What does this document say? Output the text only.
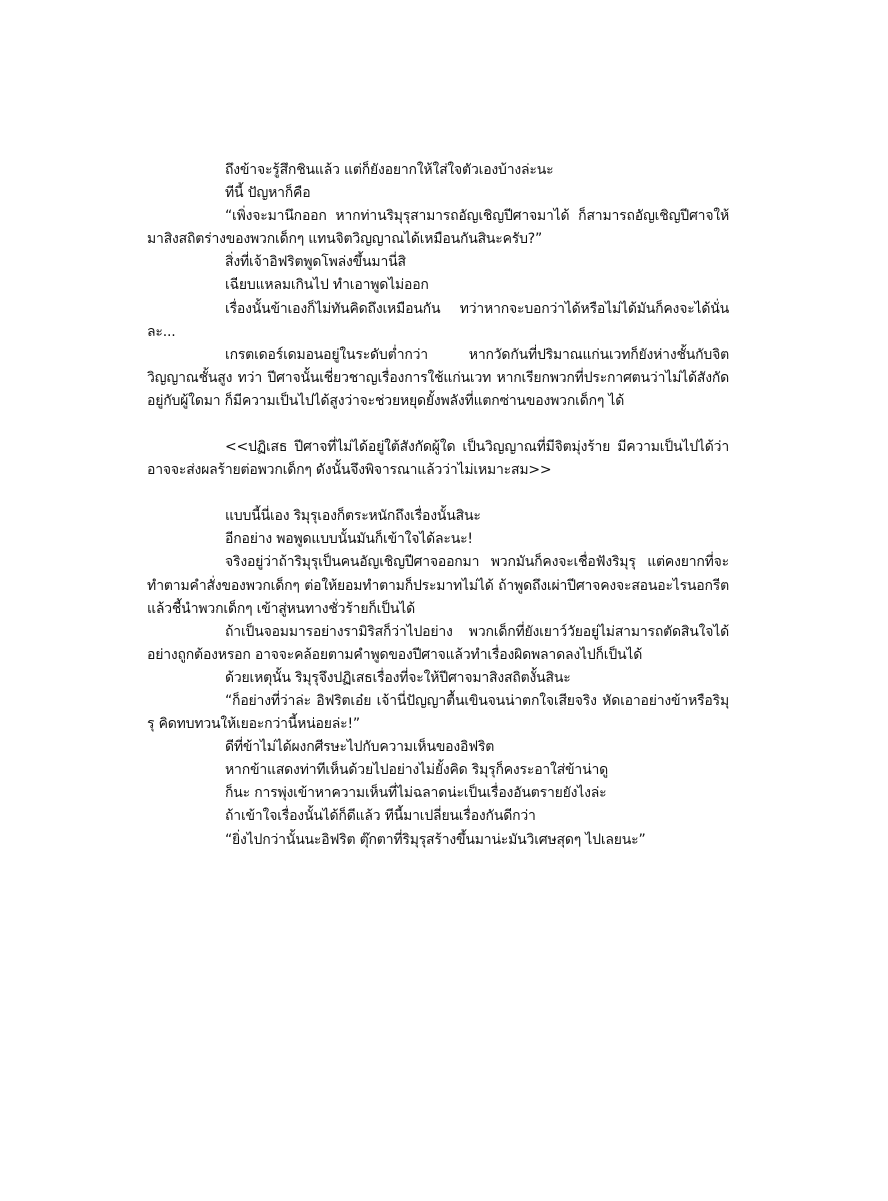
ถึงข้าจะรู้สึกชินแล้ว แต่ก็ยังอยากให้ใส่ใจตัวเองบ้างล่ะนะ

ทีนี้ ปัญหาก็คือ

“เพิ่งจะมานึกออก หากท่านริมุรุสามารถอัญเชิญปีศาจมาได้ ก็สามารถอัญเชิญปีศาจให้มาสิงสถิตร่างของพวกเด็กๆ แทนจิตวิญญาณได้เหมือนกันสินะครับ?”

สิ่งที่เจ้าอิฟริตพูดโพล่งขึ้นมานี่สิ

เฉียบแหลมเกินไป ทำเอาพูดไม่ออก

เรื่องนั้นข้าเองก็ไม่ทันคิดถึงเหมือนกัน ทว่าหากจะบอกว่าได้หรือไม่ได้มันก็คงจะได้นั่นละ...

เกรตเดอร์เดมอนอยู่ในระดับต่ำกว่า หากวัดกันที่ปริมาณแก่นเวทก็ยังห่างชั้นกับจิตวิญญาณชั้นสูง ทว่า ปีศาจนั้นเชี่ยวชาญเรื่องการใช้แก่นเวท หากเรียกพวกที่ประกาศตนว่าไม่ได้สังกัดอยู่กับผู้ใดมา ก็มีความเป็นไปได้สูงว่าจะช่วยหยุดยั้งพลังที่แตกซ่านของพวกเด็กๆ ได้

<<ปฏิเสธ ปีศาจที่ไม่ได้อยู่ใต้สังกัดผู้ใด เป็นวิญญาณที่มีจิตมุ่งร้าย มีความเป็นไปได้ว่าอาจจะส่งผลร้ายต่อพวกเด็กๆ ดังนั้นจึงพิจารณาแล้วว่าไม่เหมาะสม>>

แบบนี้นี่เอง ริมุรุเองก็ตระหนักถึงเรื่องนั้นสินะ

อีกอย่าง พอพูดแบบนั้นมันก็เข้าใจได้ละนะ!

จริงอยู่ว่าถ้าริมุรุเป็นคนอัญเชิญปีศาจออกมา พวกมันก็คงจะเชื่อฟังริมุรุ แต่คงยากที่จะทำตามคำสั่งของพวกเด็กๆ ต่อให้ยอมทำตามก็ประมาทไม่ได้ ถ้าพูดถึงเผ่าปีศาจคงจะสอนอะไรนอกรีตแล้วชี้นำพวกเด็กๆ เข้าสู่หนทางชั่วร้ายก็เป็นได้

ถ้าเป็นจอมมารอย่างรามิริสก็ว่าไปอย่าง พวกเด็กที่ยังเยาว์วัยอยู่ไม่สามารถตัดสินใจได้อย่างถูกต้องหรอก อาจจะคล้อยตามคำพูดของปีศาจแล้วทำเรื่องผิดพลาดลงไปก็เป็นได้

ด้วยเหตุนั้น ริมุรุจึงปฏิเสธเรื่องที่จะให้ปีศาจมาสิงสถิตงั้นสินะ

“ก็อย่างที่ว่าล่ะ อิฟริตเอ๋ย เจ้านี่ปัญญาตื้นเขินจนน่าตกใจเสียจริง หัดเอาอย่างข้าหรือริมุรุ คิดทบทวนให้เยอะกว่านี้หน่อยล่ะ!”

ดีที่ข้าไม่ได้ผงกศีรษะไปกับความเห็นของอิฟริต

หากข้าแสดงท่าทีเห็นด้วยไปอย่างไม่ยั้งคิด ริมุรุก็คงระอาใส่ข้าน่าดู

ก็นะ การพุ่งเข้าหาความเห็นที่ไม่ฉลาดน่ะเป็นเรื่องอันตรายยังไงล่ะ

ถ้าเข้าใจเรื่องนั้นได้ก็ดีแล้ว ทีนี้มาเปลี่ยนเรื่องกันดีกว่า

“ยิ่งไปกว่านั้นนะอิฟริต ตุ๊กตาที่ริมุรุสร้างขึ้นมาน่ะมันวิเศษสุดๆ ไปเลยนะ”
